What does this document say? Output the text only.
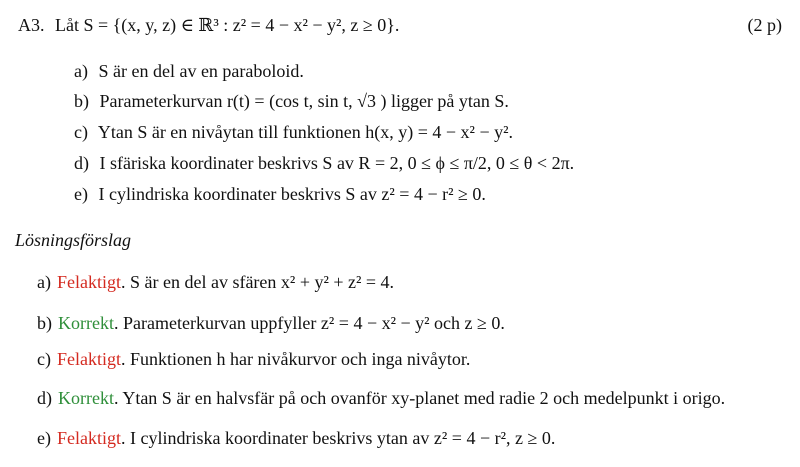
A3. Låt S = {(x, y, z) ∈ ℝ³ : z² = 4 − x² − y², z ≥ 0}.	(2 p)
a) S är en del av en paraboloid.
b) Parameterkurvan r(t) = (cos t, sin t, √3 ) ligger på ytan S.
c) Ytan S är en nivåytan till funktionen h(x, y) = 4 − x² − y².
d) I sfäriska koordinater beskrivs S av R = 2, 0 ≤ ϕ ≤ π/2, 0 ≤ θ < 2π.
e) I cylindriska koordinater beskrivs S av z² = 4 − r² ≥ 0.
Lösningsförslag
a) Felaktigt. S är en del av sfären x² + y² + z² = 4.
b) Korrekt. Parameterkurvan uppfyller z² = 4 − x² − y² och z ≥ 0.
c) Felaktigt. Funktionen h har nivåkurvor och inga nivåytor.
d) Korrekt. Ytan S är en halvsfär på och ovanför xy-planet med radie 2 och medelpunkt i origo.
e) Felaktigt. I cylindriska koordinater beskrivs ytan av z² = 4 − r², z ≥ 0.
